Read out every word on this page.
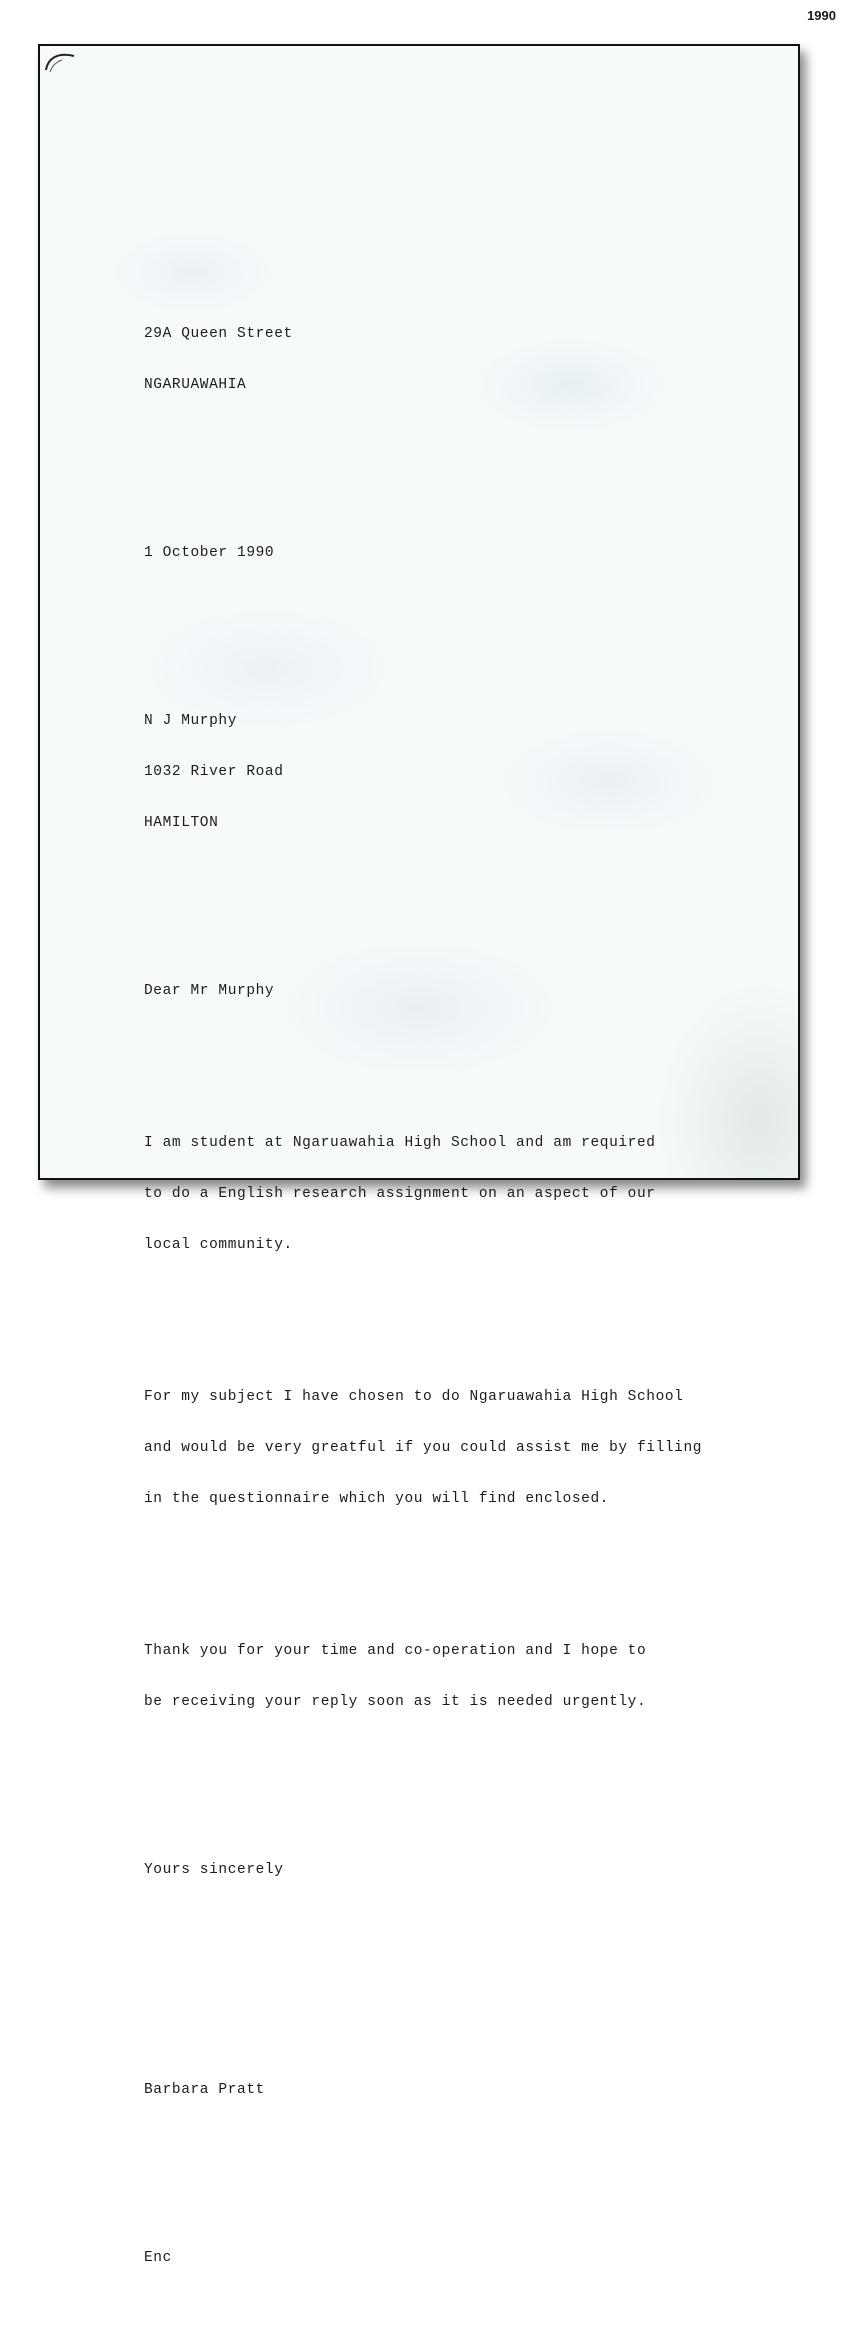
1990

29A Queen Street

NGARUAWAHIA

1 October 1990

N J Murphy

1032 River Road

HAMILTON

Dear Mr Murphy

I am student at Ngaruawahia High School and am required

to do a English research assignment on an aspect of our

local community.

For my subject I have chosen to do Ngaruawahia High School

and would be very greatful if you could assist me by filling

in the questionnaire which you will find enclosed.

Thank you for your time and co-operation and I hope to

be receiving your reply soon as it is needed urgently.

Yours sincerely

Barbara Pratt

Enc
